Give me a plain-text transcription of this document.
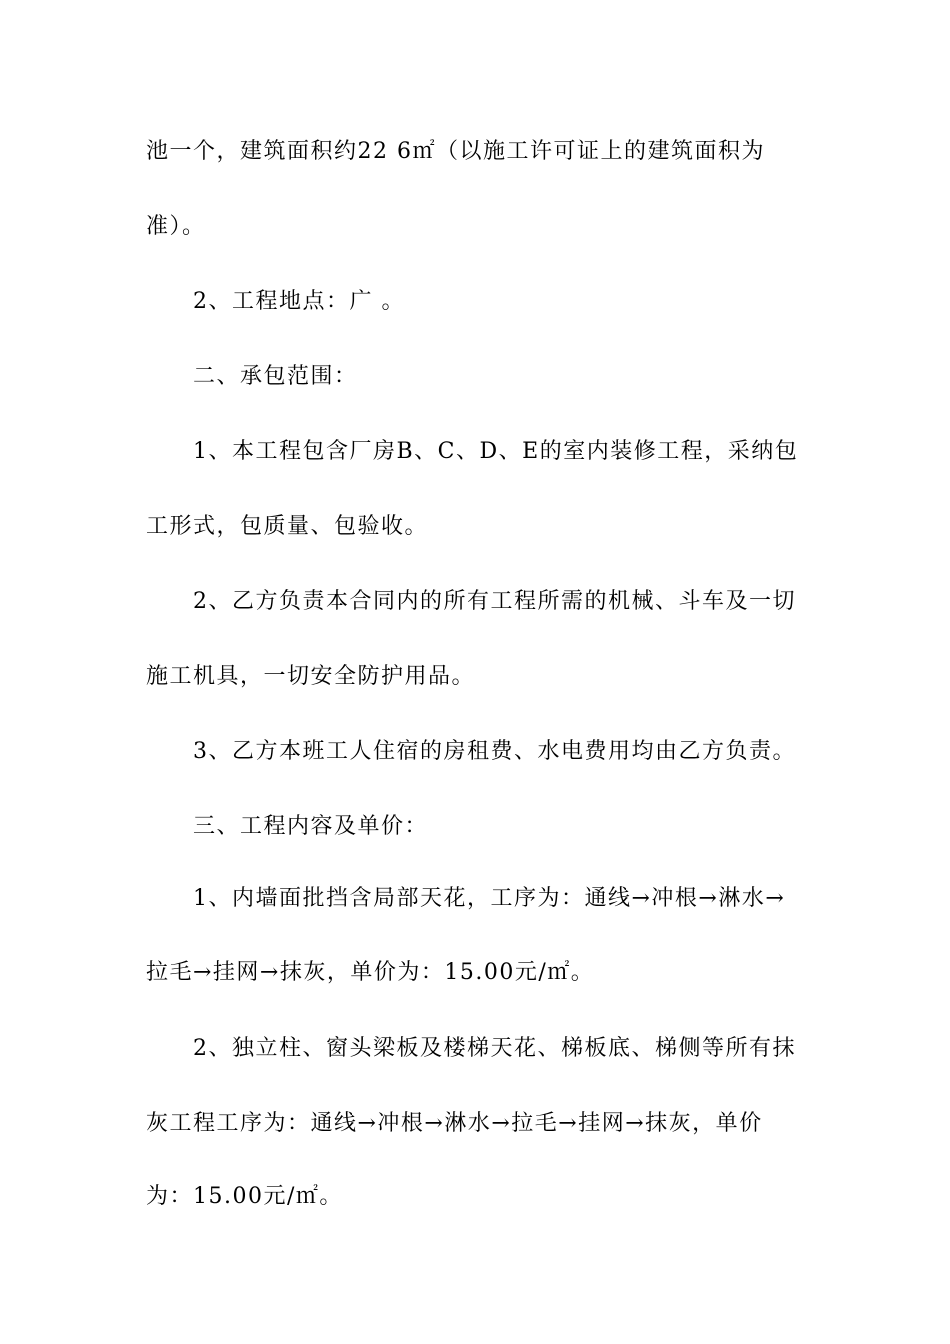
池一个，建筑面积约22 6㎡（以施工许可证上的建筑面积为
准）。
2、工程地点：广 。
二、承包范围：
1、本工程包含厂房B、C、D、E的室内装修工程，采纳包
工形式，包质量、包验收。
2、乙方负责本合同内的所有工程所需的机械、斗车及一切
施工机具，一切安全防护用品。
3、乙方本班工人住宿的房租费、水电费用均由乙方负责。
三、工程内容及单价：
1、内墙面批挡含局部天花，工序为：通线→冲根→淋水→
拉毛→挂网→抹灰，单价为：15.00元/㎡。
2、独立柱、窗头梁板及楼梯天花、梯板底、梯侧等所有抹
灰工程工序为：通线→冲根→淋水→拉毛→挂网→抹灰，单价
为：15.00元/㎡。
